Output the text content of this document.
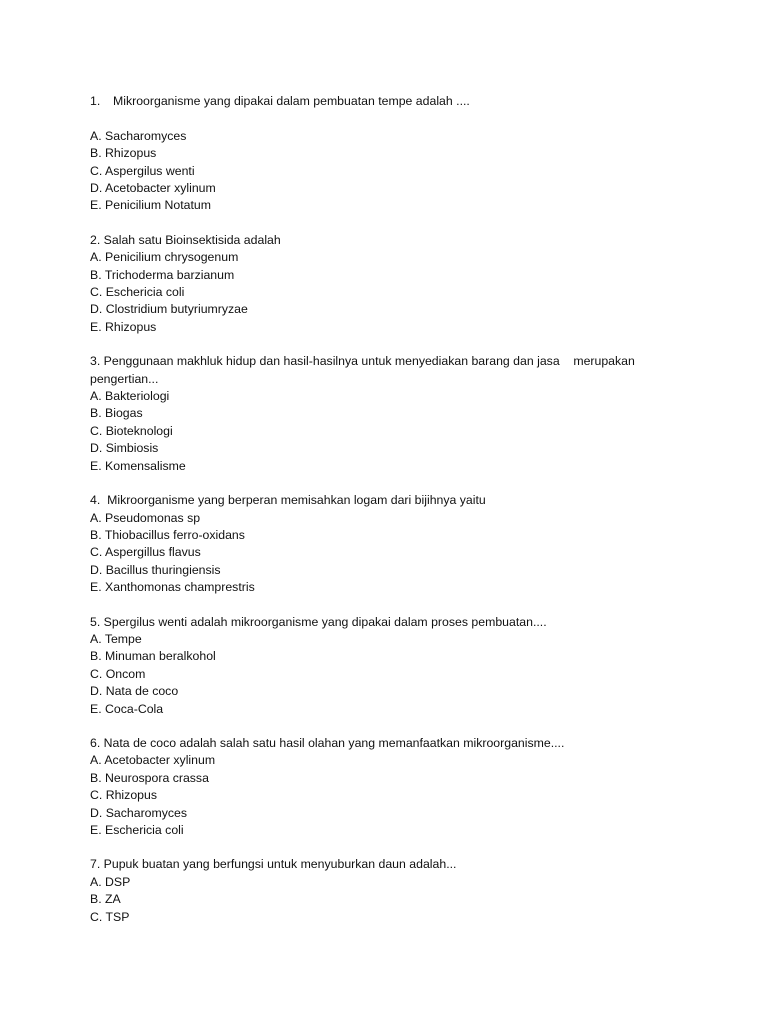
1. Mikroorganisme yang dipakai dalam pembuatan tempe adalah ....

A. Sacharomyces
B. Rhizopus
C. Aspergilus wenti
D. Acetobacter xylinum
E. Penicilium Notatum

2. Salah satu Bioinsektisida adalah

A. Penicilium chrysogenum
B. Trichoderma barzianum
C. Eschericia coli
D. Clostridium butyriumryzae
E. Rhizopus

3. Penggunaan makhluk hidup dan hasil-hasilnya untuk menyediakan barang dan jasa    merupakan pengertian...

A. Bakteriologi
B. Biogas
C. Bioteknologi
D. Simbiosis
E. Komensalisme

4.  Mikroorganisme yang berperan memisahkan logam dari bijihnya yaitu

A. Pseudomonas sp
B. Thiobacillus ferro-oxidans
C. Aspergillus flavus
D. Bacillus thuringiensis
E. Xanthomonas champrestris

5. Spergilus wenti adalah mikroorganisme yang dipakai dalam proses pembuatan....

A. Tempe
B. Minuman beralkohol
C. Oncom
D. Nata de coco
E. Coca-Cola

6. Nata de coco adalah salah satu hasil olahan yang memanfaatkan mikroorganisme....

A. Acetobacter xylinum
B. Neurospora crassa
C. Rhizopus
D. Sacharomyces
E. Eschericia coli

7. Pupuk buatan yang berfungsi untuk menyuburkan daun adalah...

A. DSP
B. ZA
C. TSP
